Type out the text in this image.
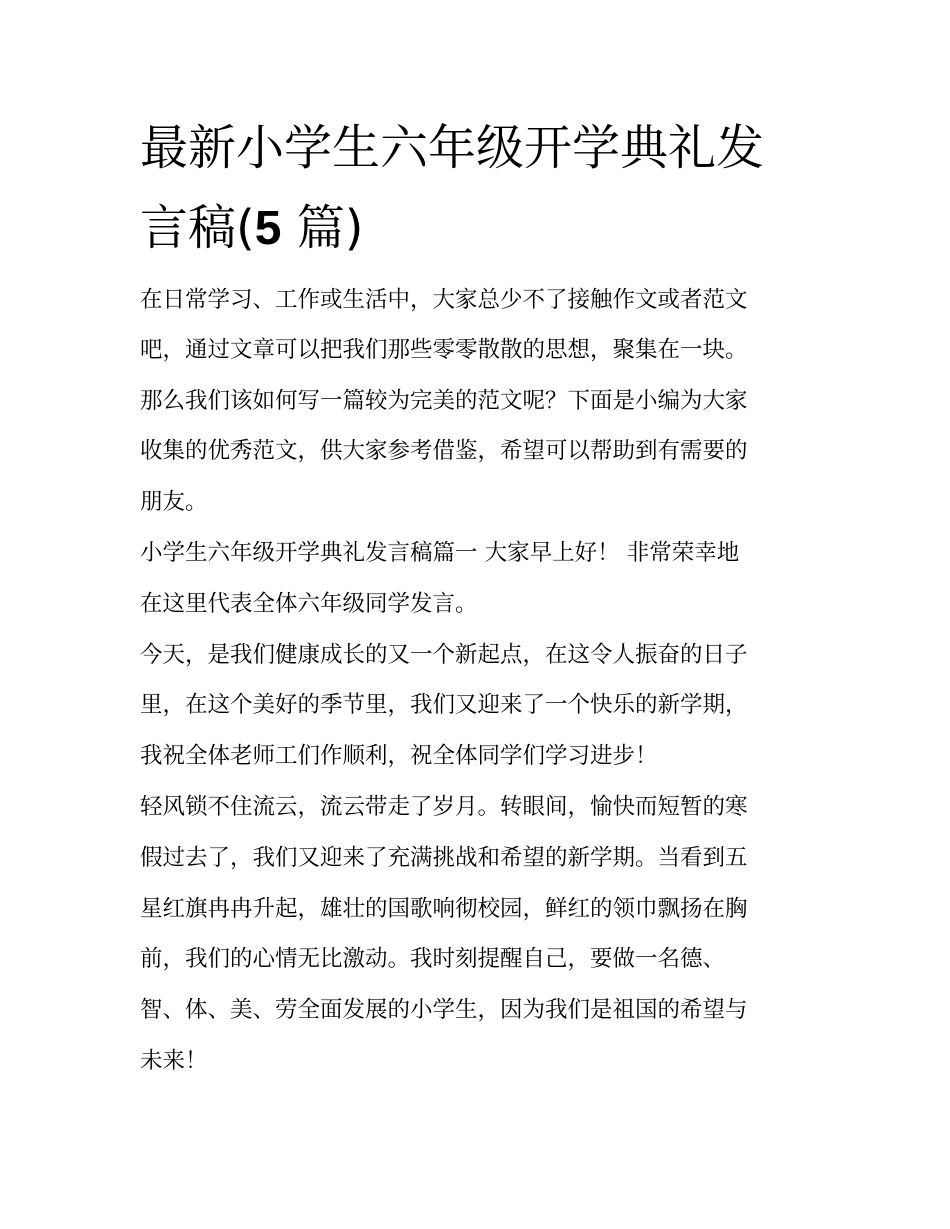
最新小学生六年级开学典礼发
言稿(5 篇)

在日常学习、工作或生活中，大家总少不了接触作文或者范文

吧，通过文章可以把我们那些零零散散的思想，聚集在一块。

那么我们该如何写一篇较为完美的范文呢？下面是小编为大家

收集的优秀范文，供大家参考借鉴，希望可以帮助到有需要的

朋友。

小学生六年级开学典礼发言稿篇一 大家早上好！ 非常荣幸地

在这里代表全体六年级同学发言。

今天，是我们健康成长的又一个新起点，在这令人振奋的日子

里，在这个美好的季节里，我们又迎来了一个快乐的新学期，

我祝全体老师工们作顺利，祝全体同学们学习进步！

轻风锁不住流云，流云带走了岁月。转眼间，愉快而短暂的寒

假过去了，我们又迎来了充满挑战和希望的新学期。当看到五

星红旗冉冉升起，雄壮的国歌响彻校园，鲜红的领巾飘扬在胸

前，我们的心情无比激动。我时刻提醒自己，要做一名德、

智、体、美、劳全面发展的小学生，因为我们是祖国的希望与

未来！
